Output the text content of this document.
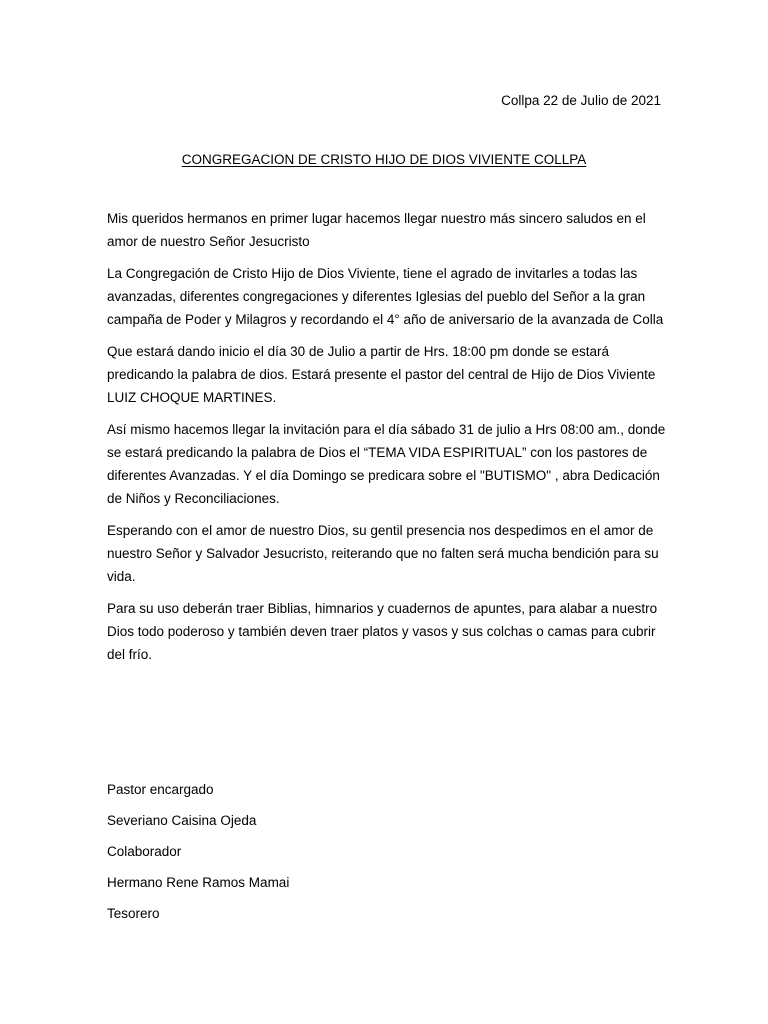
Collpa 22 de Julio de 2021
CONGREGACION DE CRISTO HIJO DE DIOS VIVIENTE COLLPA

Mis queridos hermanos en primer lugar hacemos llegar nuestro más sincero saludos en el amor de nuestro Señor Jesucristo

La Congregación de Cristo Hijo de Dios Viviente, tiene el agrado de invitarles a todas las avanzadas, diferentes congregaciones y diferentes Iglesias del pueblo del Señor a la gran campaña de Poder y Milagros y recordando el 4° año de aniversario de la avanzada de Colla

Que estará dando inicio el día 30 de Julio a partir de Hrs. 18:00 pm donde se estará predicando la palabra de dios. Estará presente el pastor del central de Hijo de Dios Viviente LUIZ CHOQUE MARTINES.

Así mismo hacemos llegar la invitación para el día sábado 31 de julio a Hrs 08:00 am., donde se estará predicando la palabra de Dios el “TEMA VIDA ESPIRITUAL” con los pastores de diferentes Avanzadas. Y el día Domingo se predicara sobre el "BUTISMO" , abra Dedicación de Niños y Reconciliaciones.

Esperando con el amor de nuestro Dios, su gentil presencia nos despedimos en el amor de nuestro Señor y Salvador Jesucristo, reiterando que no falten será mucha bendición para su vida.

Para su uso deberán traer Biblias, himnarios y cuadernos de apuntes, para alabar a nuestro Dios todo poderoso y también deven traer platos y vasos y sus colchas o camas para cubrir del frío.

Pastor encargado
Severiano Caisina Ojeda
Colaborador
Hermano Rene Ramos Mamai
Tesorero
